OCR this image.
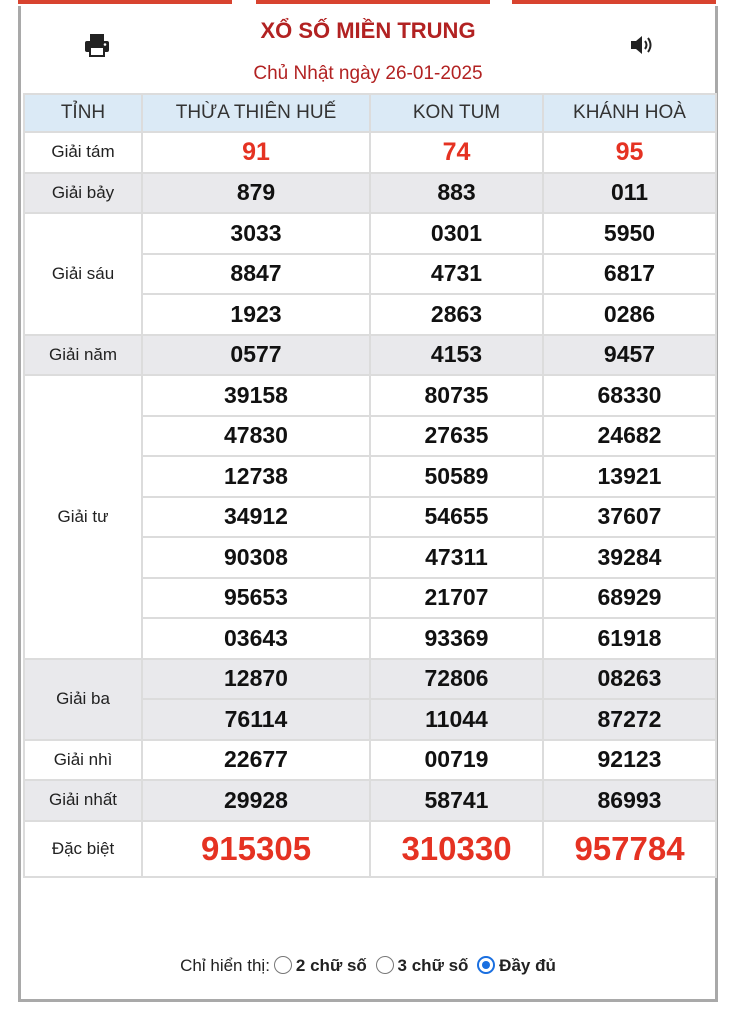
XỔ SỐ MIỀN TRUNG
Chủ Nhật ngày 26-01-2025
TỈNH	THỪA THIÊN HUẾ	KON TUM	KHÁNH HOÀ
Giải tám	91	74	95
Giải bảy	879	883	011
Giải sáu	3033	0301	5950
	8847	4731	6817
	1923	2863	0286
Giải năm	0577	4153	9457
Giải tư	39158	80735	68330
	47830	27635	24682
	12738	50589	13921
	34912	54655	37607
	90308	47311	39284
	95653	21707	68929
	03643	93369	61918
Giải ba	12870	72806	08263
	76114	11044	87272
Giải nhì	22677	00719	92123
Giải nhất	29928	58741	86993
Đặc biệt	915305	310330	957784
Chỉ hiển thị: 2 chữ số 3 chữ số Đầy đủ
